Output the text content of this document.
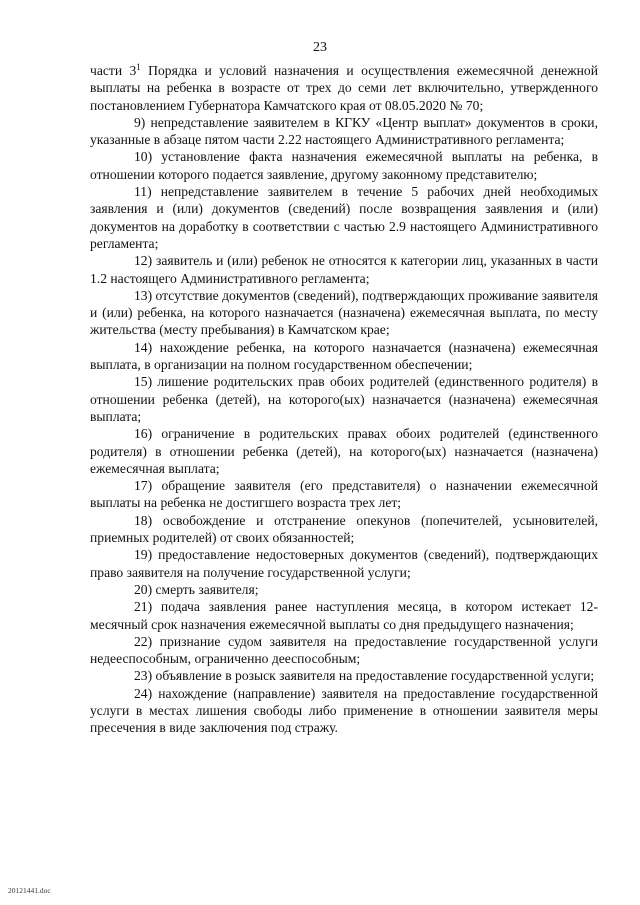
23

части $3^1$ Порядка и условий назначения и осуществления ежемесячной денежной выплаты на ребенка в возрасте от трех до семи лет включительно, утвержденного постановлением Губернатора Камчатского края от 08.05.2020 № 70;

9) непредставление заявителем в КГКУ «Центр выплат» документов в сроки, указанные в абзаце пятом части 2.22 настоящего Административного регламента;

10) установление факта назначения ежемесячной выплаты на ребенка, в отношении которого подается заявление, другому законному представителю;

11) непредставление заявителем в течение 5 рабочих дней необходимых заявления и (или) документов (сведений) после возвращения заявления и (или) документов на доработку в соответствии с частью 2.9 настоящего Административного регламента;

12) заявитель и (или) ребенок не относятся к категории лиц, указанных в части 1.2 настоящего Административного регламента;

13) отсутствие документов (сведений), подтверждающих проживание заявителя и (или) ребенка, на которого назначается (назначена) ежемесячная выплата, по месту жительства (месту пребывания) в Камчатском крае;

14) нахождение ребенка, на которого назначается (назначена) ежемесячная выплата, в организации на полном государственном обеспечении;

15) лишение родительских прав обоих родителей (единственного родителя) в отношении ребенка (детей), на которого(ых) назначается (назначена) ежемесячная выплата;

16) ограничение в родительских правах обоих родителей (единственного родителя) в отношении ребенка (детей), на которого(ых) назначается (назначена) ежемесячная выплата;

17) обращение заявителя (его представителя) о назначении ежемесячной выплаты на ребенка не достигшего возраста трех лет;

18) освобождение и отстранение опекунов (попечителей, усыновителей, приемных родителей) от своих обязанностей;

19) предоставление недостоверных документов (сведений), подтверждающих право заявителя на получение государственной услуги;

20) смерть заявителя;

21) подача заявления ранее наступления месяца, в котором истекает 12-месячный срок назначения ежемесячной выплаты со дня предыдущего назначения;

22) признание судом заявителя на предоставление государственной услуги недееспособным, ограниченно дееспособным;

23) объявление в розыск заявителя на предоставление государственной услуги;

24) нахождение (направление) заявителя на предоставление государственной услуги в местах лишения свободы либо применение в отношении заявителя меры пресечения в виде заключения под стражу.

20121441.doc
